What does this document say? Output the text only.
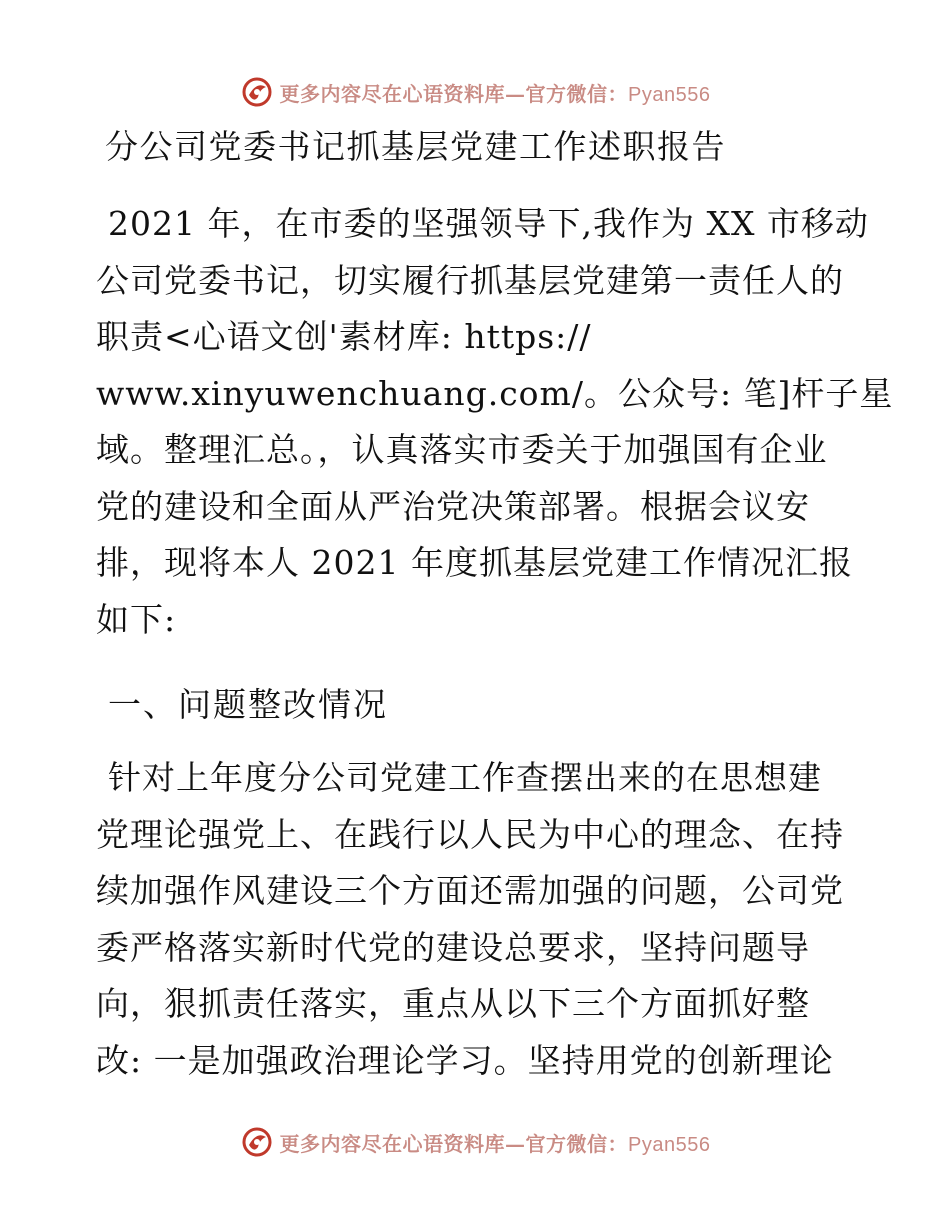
更多内容尽在心语资料库—官方微信：Pyan556
分公司党委书记抓基层党建工作述职报告
2021 年，在市委的坚强领导下,我作为 XX 市移动
公司党委书记，切实履行抓基层党建第一责任人的
职责<心语文创'素材库: https://
www.xinyuwenchuang.com/。公众号: 笔]杆子星
域。整理汇总。，认真落实市委关于加强国有企业
党的建设和全面从严治党决策部署。根据会议安
排，现将本人 2021 年度抓基层党建工作情况汇报
如下:
一、问题整改情况
针对上年度分公司党建工作查摆出来的在思想建
党理论强党上、在践行以人民为中心的理念、在持
续加强作风建设三个方面还需加强的问题，公司党
委严格落实新时代党的建设总要求，坚持问题导
向，狠抓责任落实，重点从以下三个方面抓好整
改: 一是加强政治理论学习。坚持用党的创新理论
更多内容尽在心语资料库—官方微信：Pyan556
